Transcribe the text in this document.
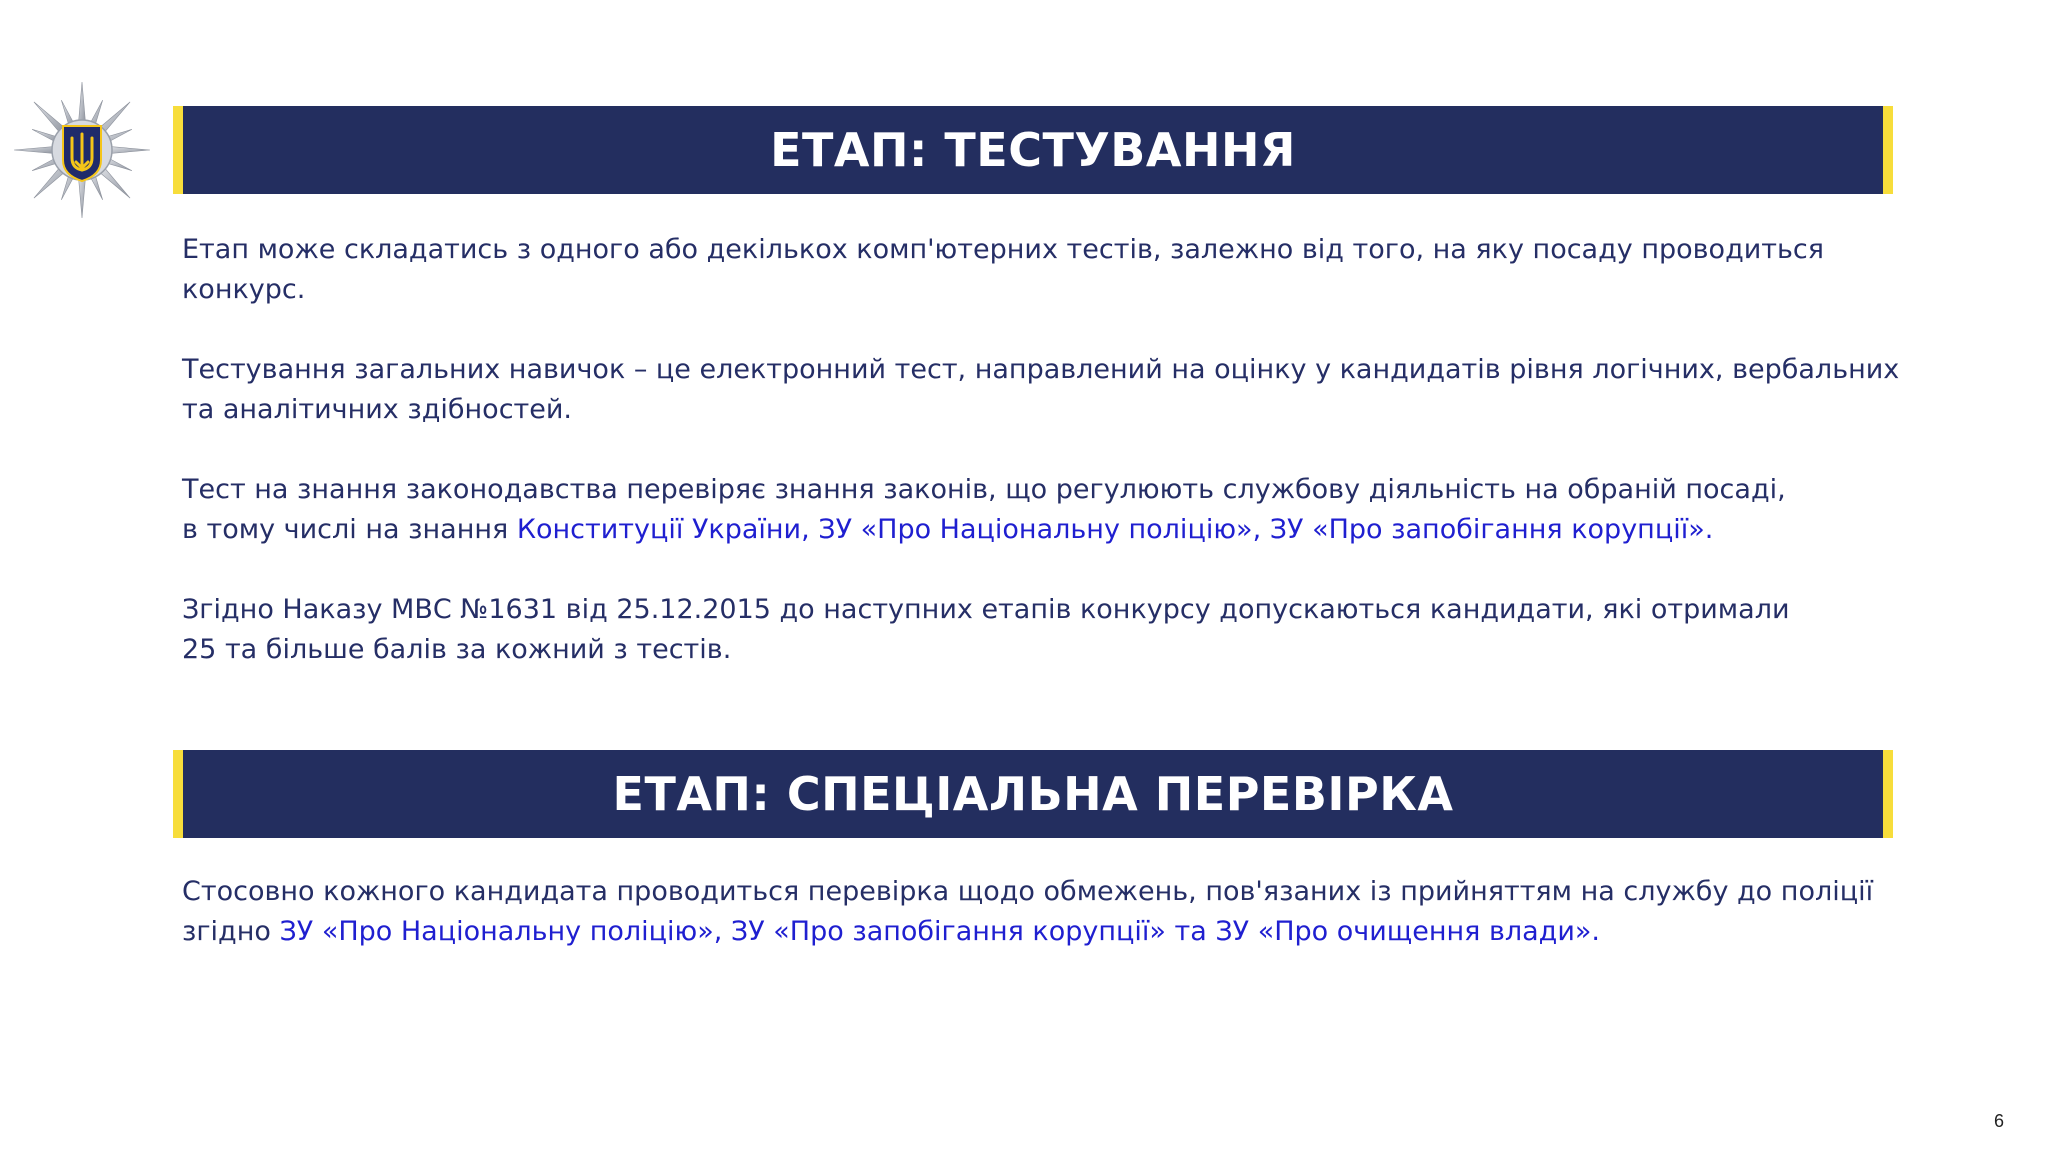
ЕТАП: ТЕСТУВАННЯ

Етап може складатись з одного або декількох комп'ютерних тестів, залежно від того, на яку посаду проводиться

конкурс.

Тестування загальних навичок – це електронний тест, направлений на оцінку у кандидатів рівня логічних, вербальних

та аналітичних здібностей.

Тест на знання законодавства перевіряє знання законів, що регулюють службову діяльність на обраній посаді,

в тому числі на знання Конституції України, ЗУ «Про Національну поліцію», ЗУ «Про запобігання корупції».

Згідно Наказу МВС №1631 від 25.12.2015 до наступних етапів конкурсу допускаються кандидати, які отримали

25 та більше балів за кожний з тестів.

ЕТАП: СПЕЦІАЛЬНА ПЕРЕВІРКА

Стосовно кожного кандидата проводиться перевірка щодо обмежень, пов'язаних із прийняттям на службу до поліції

згідно ЗУ «Про Національну поліцію», ЗУ «Про запобігання корупції» та ЗУ «Про очищення влади».

6
